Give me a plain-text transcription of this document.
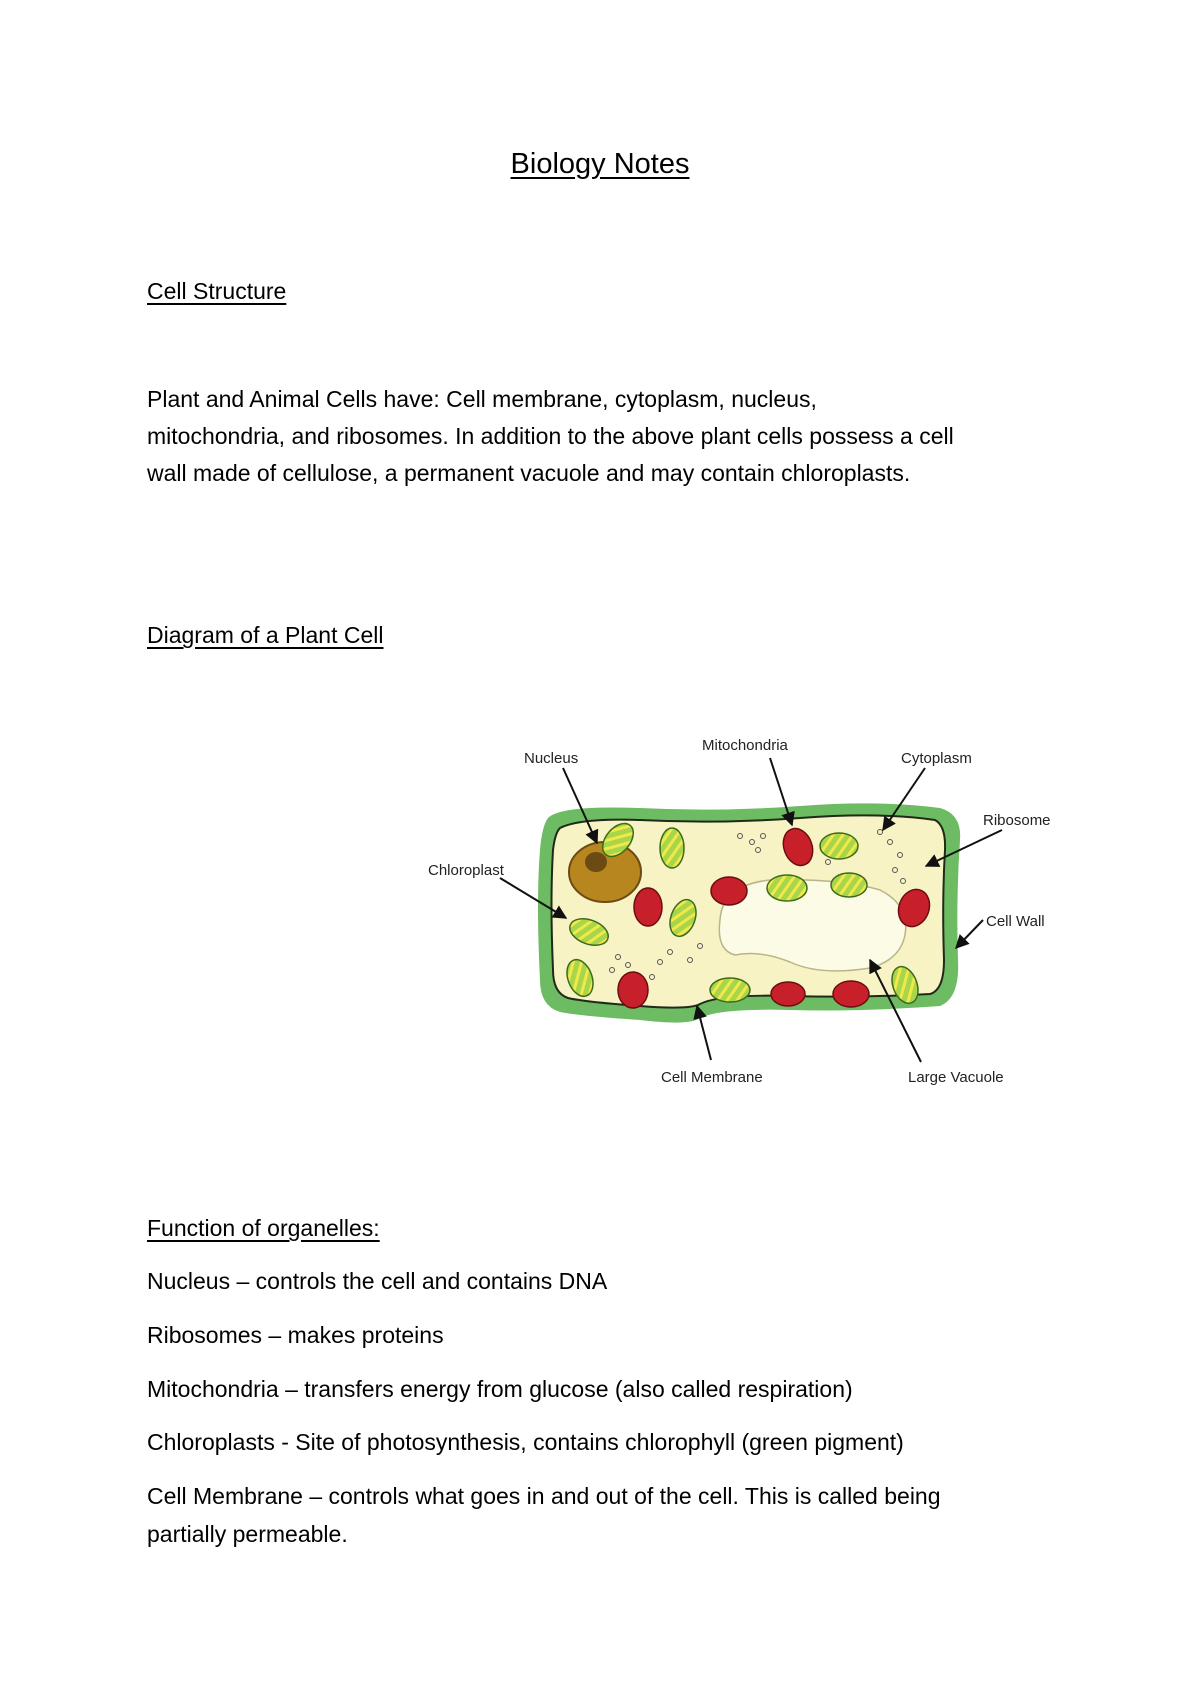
Biology Notes
Cell Structure
Plant and Animal Cells have: Cell membrane, cytoplasm, nucleus,
mitochondria, and ribosomes. In addition to the above plant cells possess a cell
wall made of cellulose, a permanent vacuole and may contain chloroplasts.
Diagram of a Plant Cell
Nucleus
Mitochondria
Cytoplasm
Ribosome
Chloroplast
Cell Wall
Cell Membrane	Large Vacuole
Function of organelles:
Nucleus – controls the cell and contains DNA
Ribosomes – makes proteins
Mitochondria – transfers energy from glucose (also called respiration)
Chloroplasts - Site of photosynthesis, contains chlorophyll (green pigment)
Cell Membrane – controls what goes in and out of the cell. This is called being
partially permeable.
